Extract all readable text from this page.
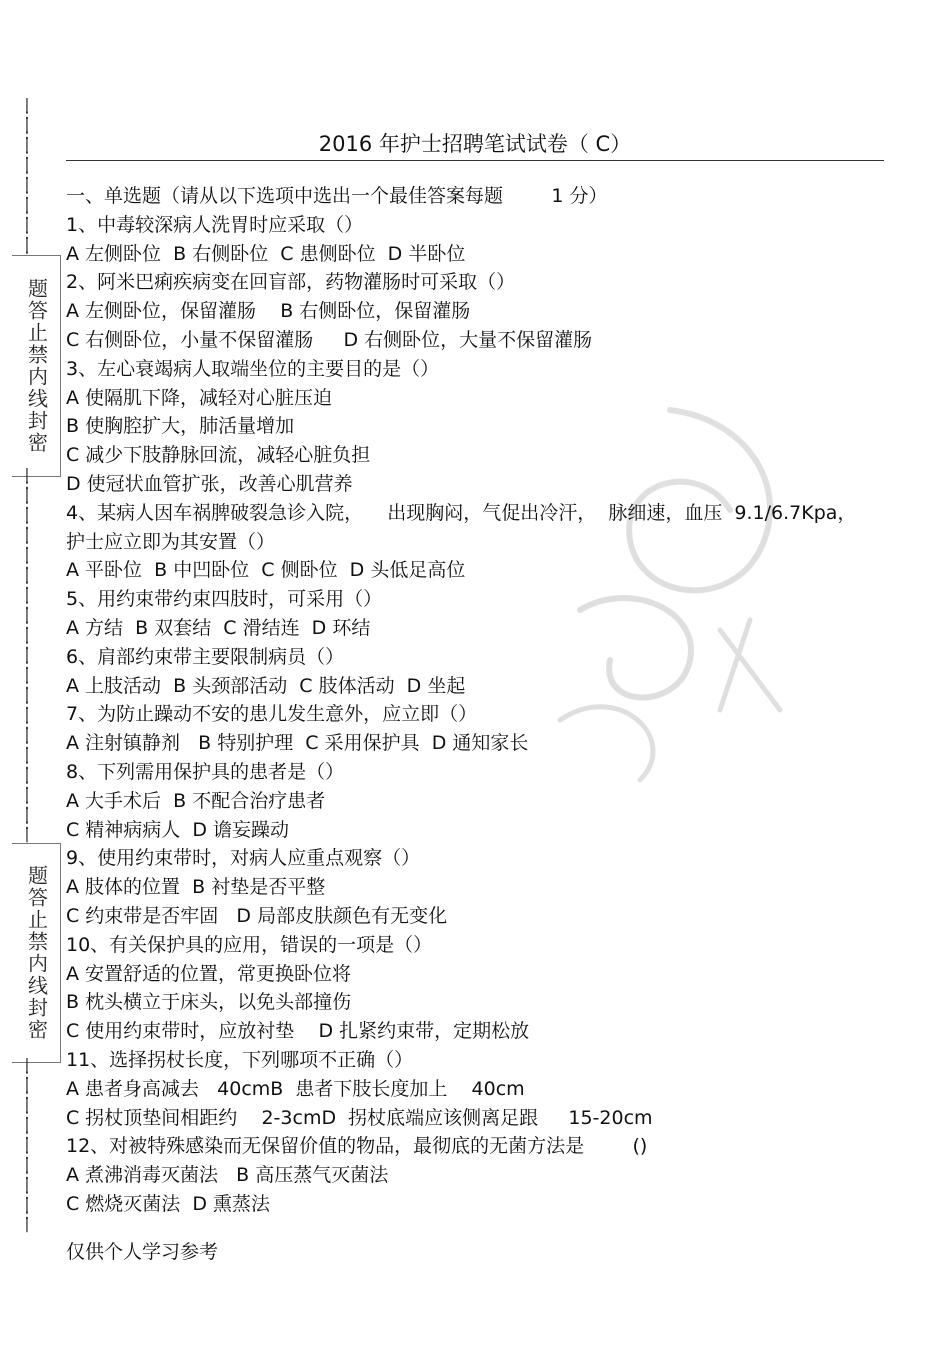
|
:
|
:
|
:
|
:
|
:
|
:
|
:
|

题答止禁内线封密
|
:
|
:
|
:
|
:
|
:
|
:
|
:
|
:
|
:
|
:
|
:
|
:
|
:
|
:
|
:
|
:
|
:
|
:
|
题答止禁内线封密
|
:
|
:
|
:
|
:
|
:
|
:
|
:
|
:
|
2016 年护士招聘笔试试卷（ C）
一、单选题（请从以下选项中选出一个最佳答案每题        1 分）
1、中毒较深病人洗胃时应采取（）
A 左侧卧位  B 右侧卧位  C 患侧卧位  D 半卧位
2、阿米巴痢疾病变在回盲部，药物灌肠时可采取（）
A 左侧卧位，保留灌肠    B 右侧卧位，保留灌肠
C 右侧卧位，小量不保留灌肠     D 右侧卧位，大量不保留灌肠
3、左心衰竭病人取端坐位的主要目的是（）
A 使隔肌下降，减轻对心脏压迫
B 使胸腔扩大，肺活量增加
C 减少下肢静脉回流，减轻心脏负担
D 使冠状血管扩张，改善心肌营养
4、某病人因车祸脾破裂急诊入院，    出现胸闷，气促出冷汗，  脉细速，血压  9.1/6.7Kpa，
护士应立即为其安置（）
A 平卧位  B 中凹卧位  C 侧卧位  D 头低足高位
5、用约束带约束四肢时，可采用（）
A 方结  B 双套结  C 滑结连  D 环结
6、肩部约束带主要限制病员（）
A 上肢活动  B 头颈部活动  C 肢体活动  D 坐起
7、为防止躁动不安的患儿发生意外，应立即（）
A 注射镇静剂   B 特别护理  C 采用保护具  D 通知家长
8、下列需用保护具的患者是（）
A 大手术后  B 不配合治疗患者
C 精神病病人  D 谵妄躁动
9、使用约束带时，对病人应重点观察（）
A 肢体的位置  B 衬垫是否平整
C 约束带是否牢固   D 局部皮肤颜色有无变化
10、有关保护具的应用，错误的一项是（）
A 安置舒适的位置，常更换卧位将
B 枕头横立于床头，以免头部撞伤
C 使用约束带时，应放衬垫    D 扎紧约束带，定期松放
11、选择拐杖长度，下列哪项不正确（）
A 患者身高减去   40cmB  患者下肢长度加上    40cm
C 拐杖顶垫间相距约    2-3cmD  拐杖底端应该侧离足跟     15-20cm
12、对被特殊感染而无保留价值的物品，最彻底的无菌方法是        ()
A 煮沸消毒灭菌法   B 高压蒸气灭菌法
C 燃烧灭菌法  D 熏蒸法
仅供个人学习参考
